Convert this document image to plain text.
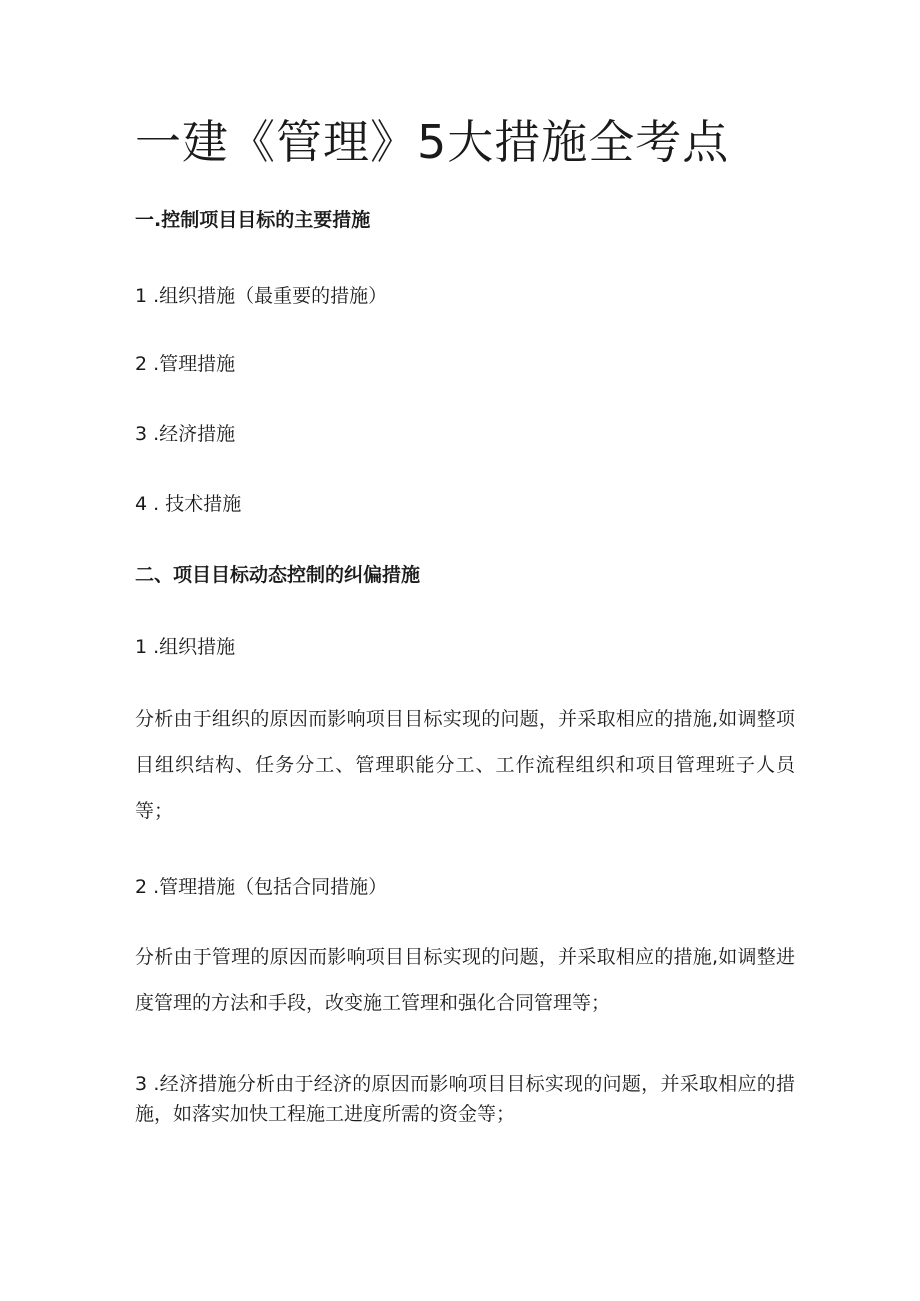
一建《管理》5大措施全考点
一.控制项目目标的主要措施

1 .组织措施（最重要的措施）

2 .管理措施

3 .经济措施

4 . 技术措施

二、项目目标动态控制的纠偏措施

1 .组织措施

分析由于组织的原因而影响项目目标实现的问题，并采取相应的措施,如调整项目组织结构、任务分工、管理职能分工、工作流程组织和项目管理班子人员等；

2 .管理措施（包括合同措施）

分析由于管理的原因而影响项目目标实现的问题，并采取相应的措施,如调整进度管理的方法和手段，改变施工管理和强化合同管理等；

3 .经济措施分析由于经济的原因而影响项目目标实现的问题，并采取相应的措施，如落实加快工程施工进度所需的资金等；
